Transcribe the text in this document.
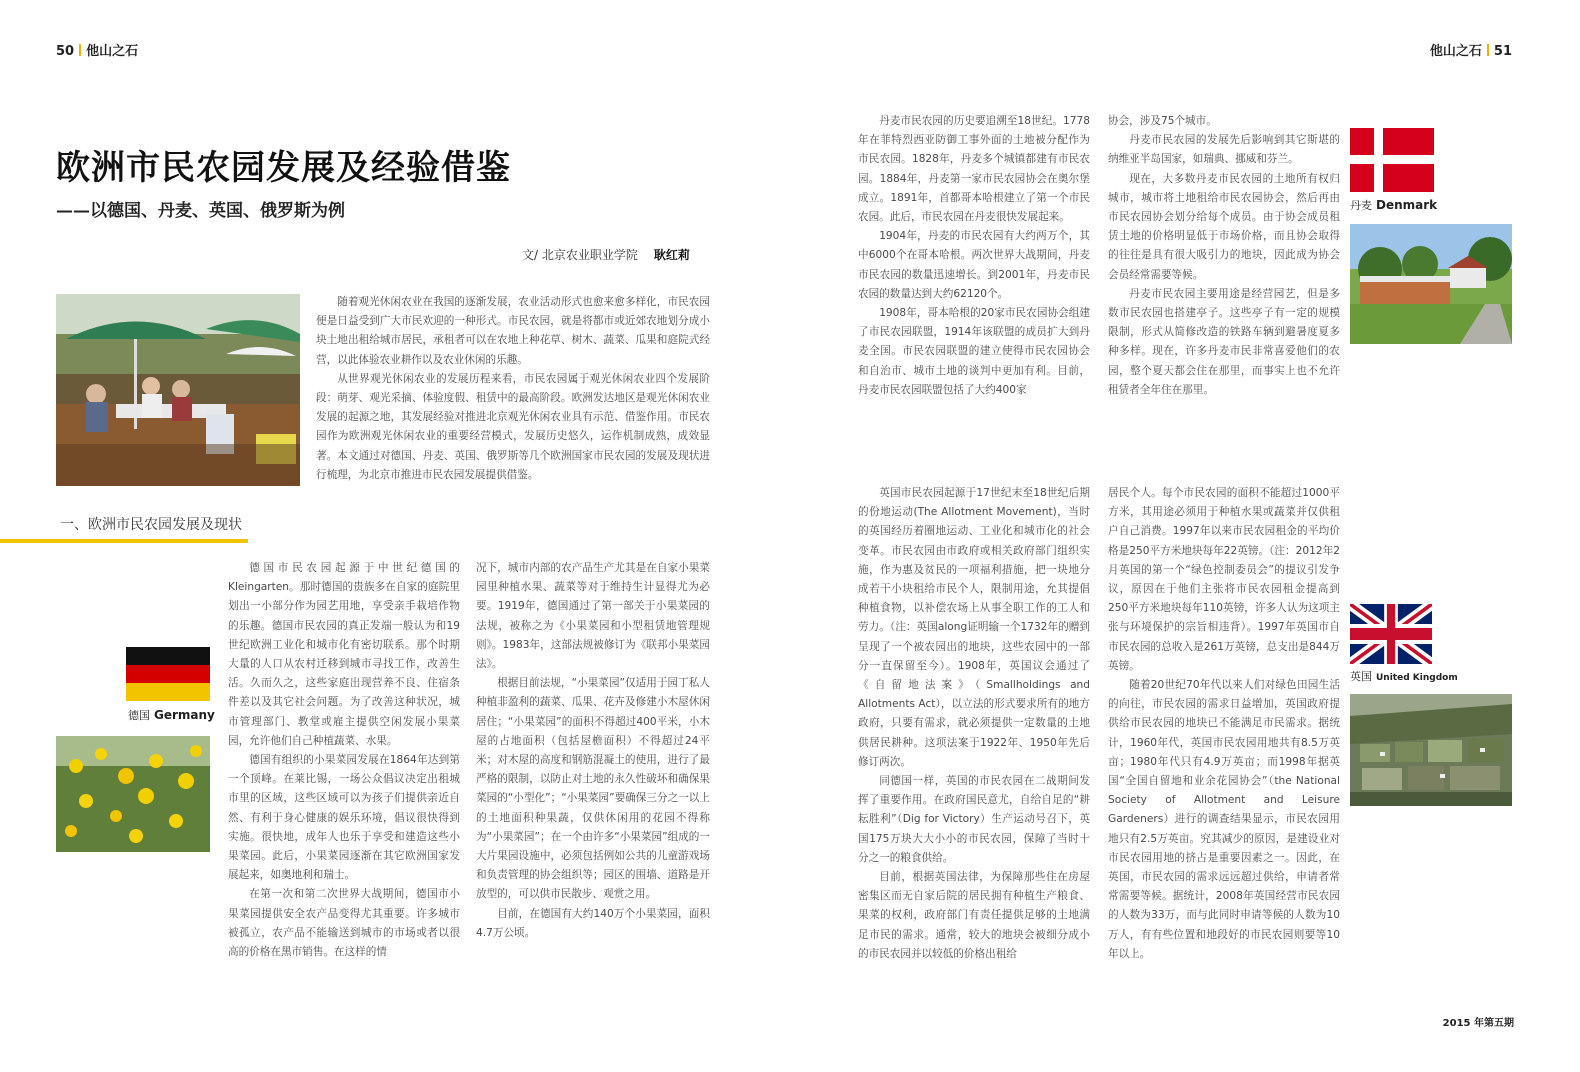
50 他山之石	他山之石 51
欧洲市民农园发展及经验借鉴
——以德国、丹麦、英国、俄罗斯为例
文/ 北京农业职业学院 耿红莉

随着观光休闲农业在我国的逐渐发展，农业活动形式也愈来愈多样化，市民农园便是日益受到广大市民欢迎的一种形式。市民农园，就是将都市或近郊农地划分成小块土地出租给城市居民，承租者可以在农地上种花草、树木、蔬菜、瓜果和庭院式经营，以此体验农业耕作以及农业休闲的乐趣。

从世界观光休闲农业的发展历程来看，市民农园属于观光休闲农业四个发展阶段：萌芽、观光采摘、体验度假、租赁中的最高阶段。欧洲发达地区是观光休闲农业发展的起源之地，其发展经验对推进北京观光休闲农业具有示范、借鉴作用。市民农园作为欧洲观光休闲农业的重要经营模式，发展历史悠久，运作机制成熟，成效显著。本文通过对德国、丹麦、英国、俄罗斯等几个欧洲国家市民农园的发展及现状进行梳理，为北京市推进市民农园发展提供借鉴。

一、欧洲市民农园发展及现状
德国 Germany

德国市民农园起源于中世纪德国的Kleingarten。那时德国的贵族多在自家的庭院里划出一小部分作为园艺用地，享受亲手栽培作物的乐趣。德国市民农园的真正发端一般认为和19世纪欧洲工业化和城市化有密切联系。那个时期大量的人口从农村迁移到城市寻找工作，改善生活。久而久之，这些家庭出现营养不良、住宿条件差以及其它社会问题。为了改善这种状况，城市管理部门、教堂或雇主提供空闲发展小果菜园，允许他们自己种植蔬菜、水果。

德国有组织的小果菜园发展在1864年达到第一个顶峰。在莱比锡，一场公众倡议决定出租城市里的区域，这些区域可以为孩子们提供亲近自然、有利于身心健康的娱乐环境，倡议很快得到实施。很快地，成年人也乐于享受和建造这些小果菜园。此后，小果菜园逐渐在其它欧洲国家发展起来，如奥地利和瑞士。

在第一次和第二次世界大战期间，德国市小果菜园提供安全农产品变得尤其重要。许多城市被孤立，农产品不能输送到城市的市场或者以很高的价格在黑市销售。在这样的情

况下，城市内部的农产品生产尤其是在自家小果菜园里种植水果、蔬菜等对于维持生计显得尤为必要。1919年，德国通过了第一部关于小果菜园的法规，被称之为《小果菜园和小型租赁地管理规则》。1983年，这部法规被修订为《联邦小果菜园法》。

根据目前法规，“小果菜园”仅适用于园丁私人种植非盈利的蔬菜、瓜果、花卉及修建小木屋休闲居住；“小果菜园”的面积不得超过400平米，小木屋的占地面积（包括屋檐面积）不得超过24平米；对木屋的高度和钢筋混凝土的使用，进行了最严格的限制，以防止对土地的永久性破坏和确保果菜园的“小型化”；“小果菜园”要确保三分之一以上的土地面积种果蔬，仅供休闲用的花园不得称为“小果菜园”；在一个由许多“小果菜园”组成的一大片果园设施中，必须包括例如公共的儿童游戏场和负责管理的协会组织等；园区的围墙、道路是开放型的，可以供市民散步、观赏之用。

目前，在德国有大约140万个小果菜园，面积4.7万公顷。

丹麦市民农园的历史要追溯至18世纪。1778年在菲特烈西亚防御工事外面的土地被分配作为市民农园。1828年，丹麦多个城镇都建有市民农园。1884年，丹麦第一家市民农园协会在奥尔堡成立。1891年，首都哥本哈根建立了第一个市民农园。此后，市民农园在丹麦很快发展起来。

1904年，丹麦的市民农园有大约两万个，其中6000个在哥本哈根。两次世界大战期间，丹麦市民农园的数量迅速增长。到2001年，丹麦市民农园的数量达到大约62120个。

1908年，哥本哈根的20家市民农园协会组建了市民农园联盟，1914年该联盟的成员扩大到丹麦全国。市民农园联盟的建立使得市民农园协会和自治市、城市土地的谈判中更加有利。目前，丹麦市民农园联盟包括了大约400家

协会，涉及75个城市。

丹麦市民农园的发展先后影响到其它斯堪的纳维亚半岛国家，如瑞典、挪威和芬兰。

现在，大多数丹麦市民农园的土地所有权归城市，城市将土地租给市民农园协会，然后再由市民农园协会划分给每个成员。由于协会成员租赁土地的价格明显低于市场价格，而且协会取得的往往是具有很大吸引力的地块，因此成为协会会员经常需要等候。

丹麦市民农园主要用途是经营园艺，但是多数市民农园也搭建亭子。这些亭子有一定的规模限制，形式从简修改造的铁路车辆到避暑度夏多种多样。现在，许多丹麦市民非常喜爱他们的农园，整个夏天都会住在那里，而事实上也不允许租赁者全年住在那里。

丹麦 Denmark

英国市民农园起源于17世纪末至18世纪后期的份地运动(The Allotment Movement)，当时的英国经历着圈地运动、工业化和城市化的社会变革。市民农园由市政府或相关政府部门组织实施，作为惠及贫民的一项福利措施，把一块地分成若干小块租给市民个人，限制用途，允其提倡种植食物，以补偿农场上从事全职工作的工人和劳力。（注：英国along证明输一个1732年的赠到呈现了一个被农园出的地块，这些农园中的一部分一直保留至今）。1908年，英国议会通过了《自留地法案》（Smallholdings and Allotments Act），以立法的形式要求所有的地方政府，只要有需求，就必须提供一定数量的土地供居民耕种。这项法案于1922年、1950年先后修订两次。

同德国一样，英国的市民农园在二战期间发挥了重要作用。在政府国民意尤，自给自足的“耕耘胜利”（Dig for Victory）生产运动号召下，英国175万块大大小小的市民农园，保障了当时十分之一的粮食供给。

目前，根据英国法律，为保障那些住在房屋密集区而无自家后院的居民拥有种植生产粮食、果菜的权利，政府部门有责任提供足够的土地满足市民的需求。通常，较大的地块会被细分成小的市民农园并以较低的价格出租给

居民个人。每个市民农园的面积不能超过1000平方米，其用途必须用于种植水果或蔬菜并仅供租户自己消费。1997年以来市民农园租金的平均价格是250平方米地块每年22英镑。（注：2012年2月英国的第一个“绿色控制委员会”的提议引发争议，原因在于他们主张将市民农园租金提高到250平方米地块每年110英镑，许多人认为这项主张与环境保护的宗旨相违背）。1997年英国市自市民农园的总收入是261万英镑，总支出是844万英镑。

随着20世纪70年代以来人们对绿色田园生活的向往，市民农园的需求日益增加，英国政府提供给市民农园的地块已不能满足市民需求。据统计，1960年代，英国市民农园用地共有8.5万英亩；1980年代只有4.9万英亩；而1998年据英国“全国自留地和业余花园协会”（the National Society of Allotment and Leisure Gardeners）进行的调查结果显示，市民农园用地只有2.5万英亩。究其减少的原因，是建设业对市民农园用地的挤占是重要因素之一。因此，在英国，市民农园的需求远远超过供给，申请者常常需要等候。据统计，2008年英国经营市民农园的人数为33万，而与此同时申请等候的人数为10万人，有有些位置和地段好的市民农园则要等10年以上。

英国 United Kingdom
2015 年第五期
